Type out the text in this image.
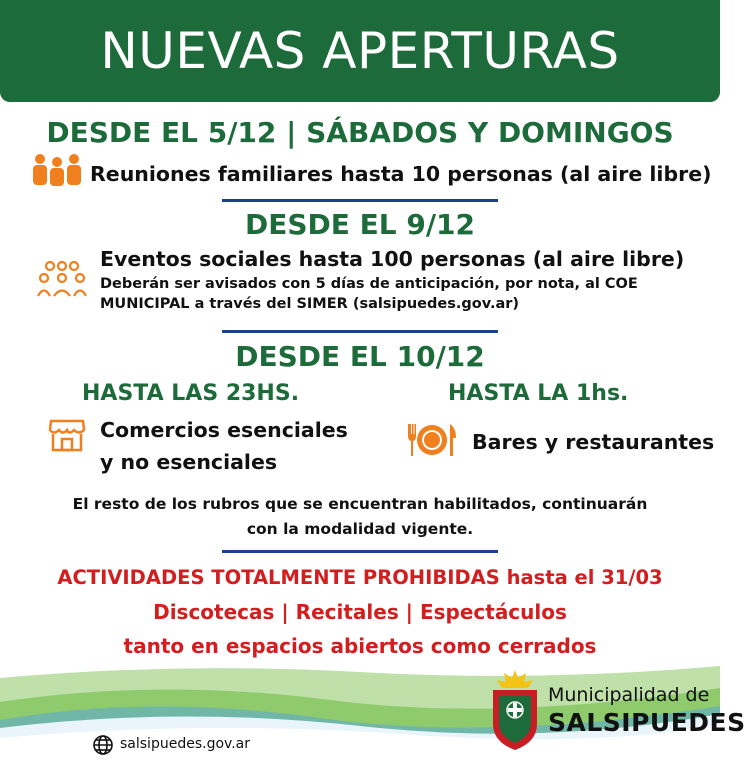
NUEVAS APERTURAS
DESDE EL 5/12 | SÁBADOS Y DOMINGOS
Reuniones familiares hasta 10 personas (al aire libre)
DESDE EL 9/12
Eventos sociales hasta 100 personas (al aire libre)
Deberán ser avisados con 5 días de anticipación, por nota, al COE
MUNICIPAL a través del SIMER (salsipuedes.gov.ar)
DESDE EL 10/12
HASTA LAS 23HS.	HASTA LA 1hs.
Comercios esenciales
y no esenciales
Bares y restaurantes
El resto de los rubros que se encuentran habilitados, continuarán
con la modalidad vigente.
ACTIVIDADES TOTALMENTE PROHIBIDAS hasta el 31/03
Discotecas | Recitales | Espectáculos
tanto en espacios abiertos como cerrados
salsipuedes.gov.ar
Municipalidad de
SALSIPUEDES
